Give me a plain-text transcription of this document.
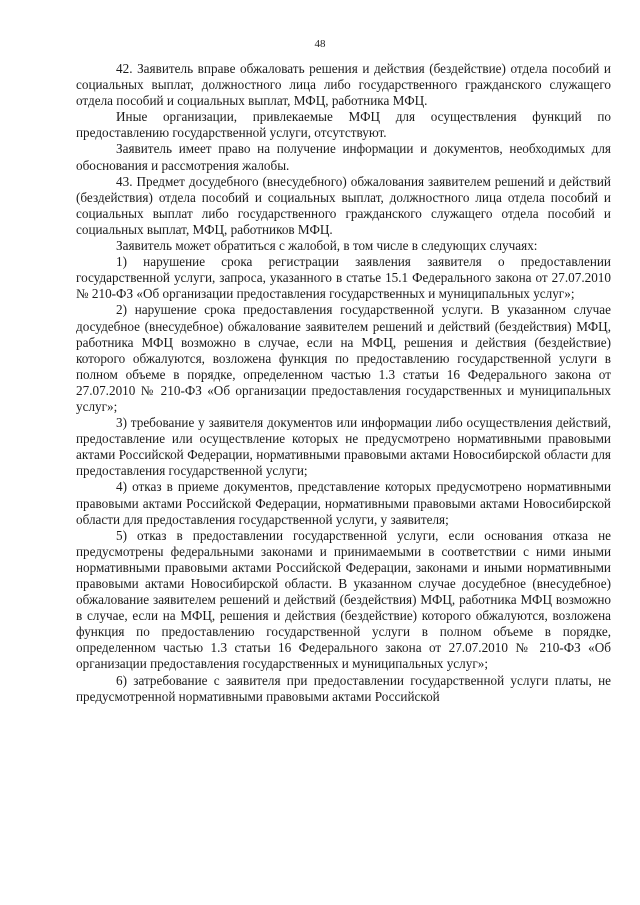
48

42. Заявитель вправе обжаловать решения и действия (бездействие) отдела пособий и социальных выплат, должностного лица либо государственного гражданского служащего отдела пособий и социальных выплат, МФЦ, работника МФЦ.

Иные организации, привлекаемые МФЦ для осуществления функций по предоставлению государственной услуги, отсутствуют.

Заявитель имеет право на получение информации и документов, необходимых для обоснования и рассмотрения жалобы.

43. Предмет досудебного (внесудебного) обжалования заявителем решений и действий (бездействия) отдела пособий и социальных выплат, должностного лица отдела пособий и социальных выплат либо государственного гражданского служащего отдела пособий и социальных выплат, МФЦ, работников МФЦ.

Заявитель может обратиться с жалобой, в том числе в следующих случаях:

1) нарушение срока регистрации заявления заявителя о предоставлении государственной услуги, запроса, указанного в статье 15.1 Федерального закона от 27.07.2010 № 210-ФЗ «Об организации предоставления государственных и муниципальных услуг»;

2) нарушение срока предоставления государственной услуги. В указанном случае досудебное (внесудебное) обжалование заявителем решений и действий (бездействия) МФЦ, работника МФЦ возможно в случае, если на МФЦ, решения и действия (бездействие) которого обжалуются, возложена функция по предоставлению государственной услуги в полном объеме в порядке, определенном частью 1.3 статьи 16 Федерального закона от 27.07.2010 № 210-ФЗ «Об организации предоставления государственных и муниципальных услуг»;

3) требование у заявителя документов или информации либо осуществления действий, предоставление или осуществление которых не предусмотрено нормативными правовыми актами Российской Федерации, нормативными правовыми актами Новосибирской области для предоставления государственной услуги;

4) отказ в приеме документов, представление которых предусмотрено нормативными правовыми актами Российской Федерации, нормативными правовыми актами Новосибирской области для предоставления государственной услуги, у заявителя;

5) отказ в предоставлении государственной услуги, если основания отказа не предусмотрены федеральными законами и принимаемыми в соответствии с ними иными нормативными правовыми актами Российской Федерации, законами и иными нормативными правовыми актами Новосибирской области. В указанном случае досудебное (внесудебное) обжалование заявителем решений и действий (бездействия) МФЦ, работника МФЦ возможно в случае, если на МФЦ, решения и действия (бездействие) которого обжалуются, возложена функция по предоставлению государственной услуги в полном объеме в порядке, определенном частью 1.3 статьи 16 Федерального закона от 27.07.2010 № 210-ФЗ «Об организации предоставления государственных и муниципальных услуг»;

6) затребование с заявителя при предоставлении государственной услуги платы, не предусмотренной нормативными правовыми актами Российской
